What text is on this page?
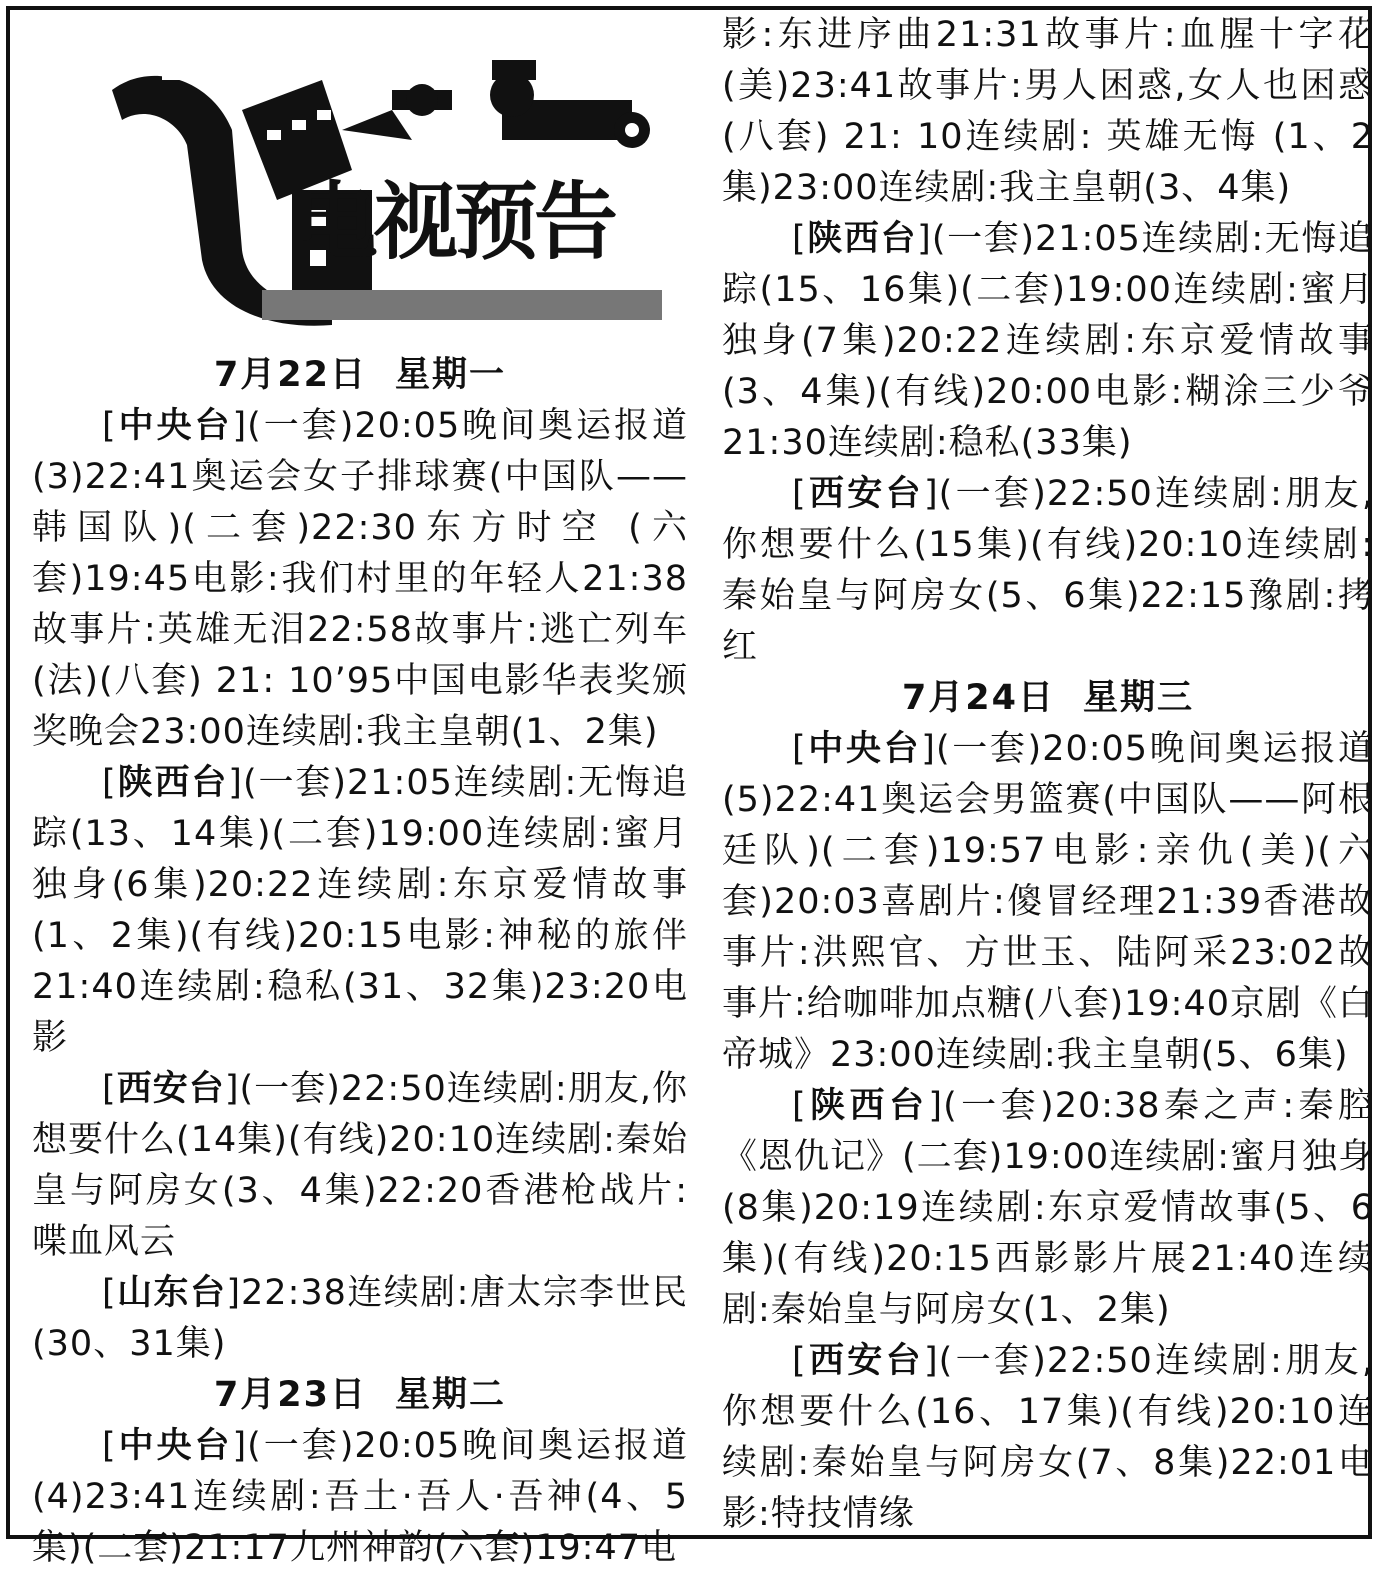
电视预告
7月22日 星期一

[中央台](一套)20:05晚间奥运报道(3)22:41奥运会女子排球赛(中国队——韩国队)(二套)22:30东方时空 (六套)19:45电影:我们村里的年轻人21:38故事片:英雄无泪22:58故事片:逃亡列车(法)(八套) 21: 10’95中国电影华表奖颁奖晚会23:00连续剧:我主皇朝(1、2集)

[陕西台](一套)21:05连续剧:无悔追踪(13、14集)(二套)19:00连续剧:蜜月独身(6集)20:22连续剧:东京爱情故事(1、2集)(有线)20:15电影:神秘的旅伴21:40连续剧:稳私(31、32集)23:20电影

[西安台](一套)22:50连续剧:朋友,你想要什么(14集)(有线)20:10连续剧:秦始皇与阿房女(3、4集)22:20香港枪战片:喋血风云

[山东台]22:38连续剧:唐太宗李世民(30、31集)

7月23日 星期二

[中央台](一套)20:05晚间奥运报道(4)23:41连续剧:吾土·吾人·吾神(4、5集)(二套)21:17九州神韵(六套)19:47电

影:东进序曲21:31故事片:血腥十字花(美)23:41故事片:男人困惑,女人也困惑(八套) 21: 10连续剧: 英雄无悔 (1、2集)23:00连续剧:我主皇朝(3、4集)

[陕西台](一套)21:05连续剧:无悔追踪(15、16集)(二套)19:00连续剧:蜜月独身(7集)20:22连续剧:东京爱情故事(3、4集)(有线)20:00电影:糊涂三少爷21:30连续剧:稳私(33集)

[西安台](一套)22:50连续剧:朋友,你想要什么(15集)(有线)20:10连续剧:秦始皇与阿房女(5、6集)22:15豫剧:拷红

7月24日 星期三

[中央台](一套)20:05晚间奥运报道(5)22:41奥运会男篮赛(中国队——阿根廷队)(二套)19:57电影:亲仇(美)(六套)20:03喜剧片:傻冒经理21:39香港故事片:洪熙官、方世玉、陆阿采23:02故事片:给咖啡加点糖(八套)19:40京剧《白帝城》23:00连续剧:我主皇朝(5、6集)

[陕西台](一套)20:38秦之声:秦腔《恩仇记》(二套)19:00连续剧:蜜月独身(8集)20:19连续剧:东京爱情故事(5、6集)(有线)20:15西影影片展21:40连续剧:秦始皇与阿房女(1、2集)

[西安台](一套)22:50连续剧:朋友,你想要什么(16、17集)(有线)20:10连续剧:秦始皇与阿房女(7、8集)22:01电影:特技情缘
